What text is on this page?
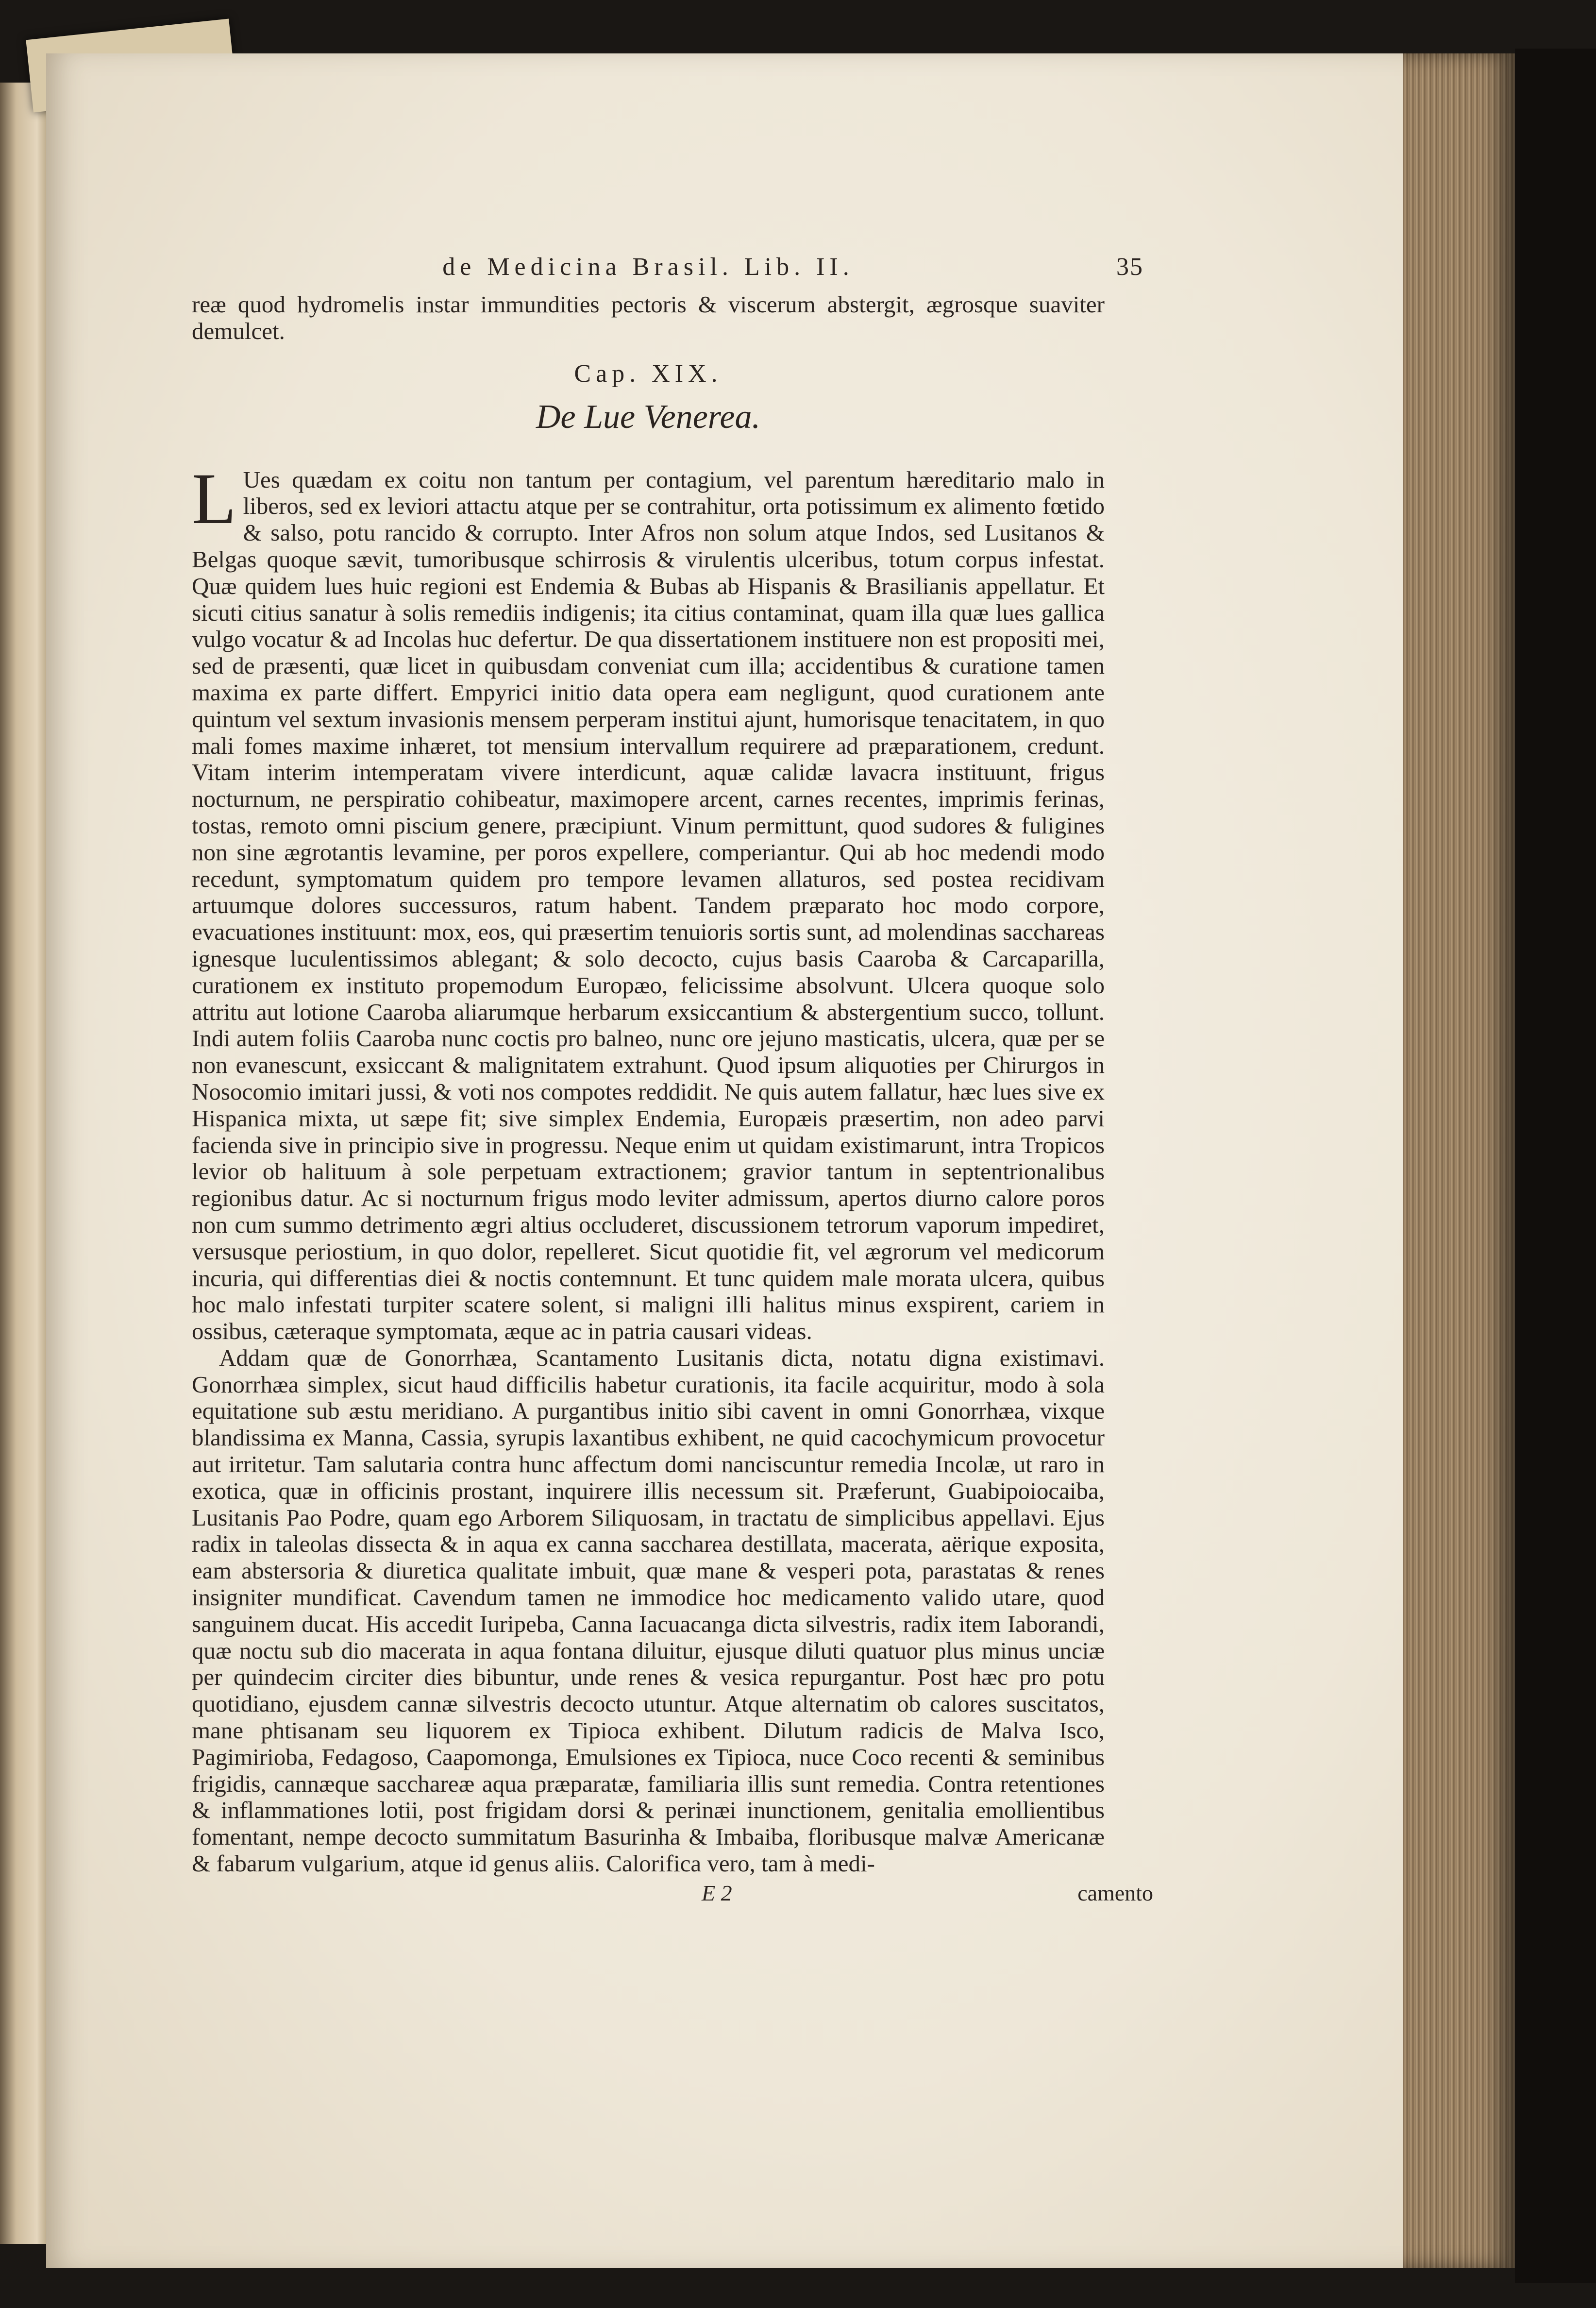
de Medicina Brasil. Lib. II.	35

reæ quod hydromelis instar immundities pectoris & viscerum abstergit, ægrosque suaviter demulcet.

Cap. XIX.
De Lue Venerea.

LUes quædam ex coitu non tantum per contagium, vel parentum hæreditario malo in liberos, sed ex leviori attactu atque per se contrahitur, orta potissimum ex alimento fœtido & salso, potu rancido & corrupto. Inter Afros non solum atque Indos, sed Lusitanos & Belgas quoque sævit, tumoribusque schirrosis & virulentis ulceribus, totum corpus infestat. Quæ quidem lues huic regioni est Endemia & Bubas ab Hispanis & Brasilianis appellatur. Et sicuti citius sanatur à solis remediis indigenis; ita citius contaminat, quam illa quæ lues gallica vulgo vocatur & ad Incolas huc defertur. De qua dissertationem instituere non est propositi mei, sed de præsenti, quæ licet in quibusdam conveniat cum illa; accidentibus & curatione tamen maxima ex parte differt. Empyrici initio data opera eam negligunt, quod curationem ante quintum vel sextum invasionis mensem perperam institui ajunt, humorisque tenacitatem, in quo mali fomes maxime inhæret, tot mensium intervallum requirere ad præparationem, credunt. Vitam interim intemperatam vivere interdicunt, aquæ calidæ lavacra instituunt, frigus nocturnum, ne perspiratio cohibeatur, maximopere arcent, carnes recentes, imprimis ferinas, tostas, remoto omni piscium genere, præcipiunt. Vinum permittunt, quod sudores & fuligines non sine ægrotantis levamine, per poros expellere, comperiantur. Qui ab hoc medendi modo recedunt, symptomatum quidem pro tempore levamen allaturos, sed postea recidivam artuumque dolores successuros, ratum habent. Tandem præparato hoc modo corpore, evacuationes instituunt: mox, eos, qui præsertim tenuioris sortis sunt, ad molendinas sacchareas ignesque luculentissimos ablegant; & solo decocto, cujus basis Caaroba & Carcaparilla, curationem ex instituto propemodum Europæo, felicissime absolvunt. Ulcera quoque solo attritu aut lotione Caaroba aliarumque herbarum exsiccantium & abstergentium succo, tollunt. Indi autem foliis Caaroba nunc coctis pro balneo, nunc ore jejuno masticatis, ulcera, quæ per se non evanescunt, exsiccant & malignitatem extrahunt. Quod ipsum aliquoties per Chirurgos in Nosocomio imitari jussi, & voti nos compotes reddidit. Ne quis autem fallatur, hæc lues sive ex Hispanica mixta, ut sæpe fit; sive simplex Endemia, Europæis præsertim, non adeo parvi facienda sive in principio sive in progressu. Neque enim ut quidam existimarunt, intra Tropicos levior ob halituum à sole perpetuam extractionem; gravior tantum in septentrionalibus regionibus datur. Ac si nocturnum frigus modo leviter admissum, apertos diurno calore poros non cum summo detrimento ægri altius occluderet, discussionem tetrorum vaporum impediret, versusque periostium, in quo dolor, repelleret. Sicut quotidie fit, vel ægrorum vel medicorum incuria, qui differentias diei & noctis contemnunt. Et tunc quidem male morata ulcera, quibus hoc malo infestati turpiter scatere solent, si maligni illi halitus minus exspirent, cariem in ossibus, cæteraque symptomata, æque ac in patria causari videas.

Addam quæ de Gonorrhæa, Scantamento Lusitanis dicta, notatu digna existimavi. Gonorrhæa simplex, sicut haud difficilis habetur curationis, ita facile acquiritur, modo à sola equitatione sub æstu meridiano. A purgantibus initio sibi cavent in omni Gonorrhæa, vixque blandissima ex Manna, Cassia, syrupis laxantibus exhibent, ne quid cacochymicum provocetur aut irritetur. Tam salutaria contra hunc affectum domi nanciscuntur remedia Incolæ, ut raro in exotica, quæ in officinis prostant, inquirere illis necessum sit. Præferunt, Guabipoiocaiba, Lusitanis Pao Podre, quam ego Arborem Siliquosam, in tractatu de simplicibus appellavi. Ejus radix in taleolas dissecta & in aqua ex canna saccharea destillata, macerata, aërique exposita, eam abstersoria & diuretica qualitate imbuit, quæ mane & vesperi pota, parastatas & renes insigniter mundificat. Cavendum tamen ne immodice hoc medicamento valido utare, quod sanguinem ducat. His accedit Iuripeba, Canna Iacuacanga dicta silvestris, radix item Iaborandi, quæ noctu sub dio macerata in aqua fontana diluitur, ejusque diluti quatuor plus minus unciæ per quindecim circiter dies bibuntur, unde renes & vesica repurgantur. Post hæc pro potu quotidiano, ejusdem cannæ silvestris decocto utuntur. Atque alternatim ob calores suscitatos, mane phtisanam seu liquorem ex Tipioca exhibent. Dilutum radicis de Malva Isco, Pagimirioba, Fedagoso, Caapomonga, Emulsiones ex Tipioca, nuce Coco recenti & seminibus frigidis, cannæque sacchareæ aqua præparatæ, familiaria illis sunt remedia. Contra retentiones & inflammationes lotii, post frigidam dorsi & perinæi inunctionem, genitalia emollientibus fomentant, nempe decocto summitatum Basurinha & Imbaiba, floribusque malvæ Americanæ & fabarum vulgarium, atque id genus aliis. Calorifica vero, tam à medi-

E 2	camento
